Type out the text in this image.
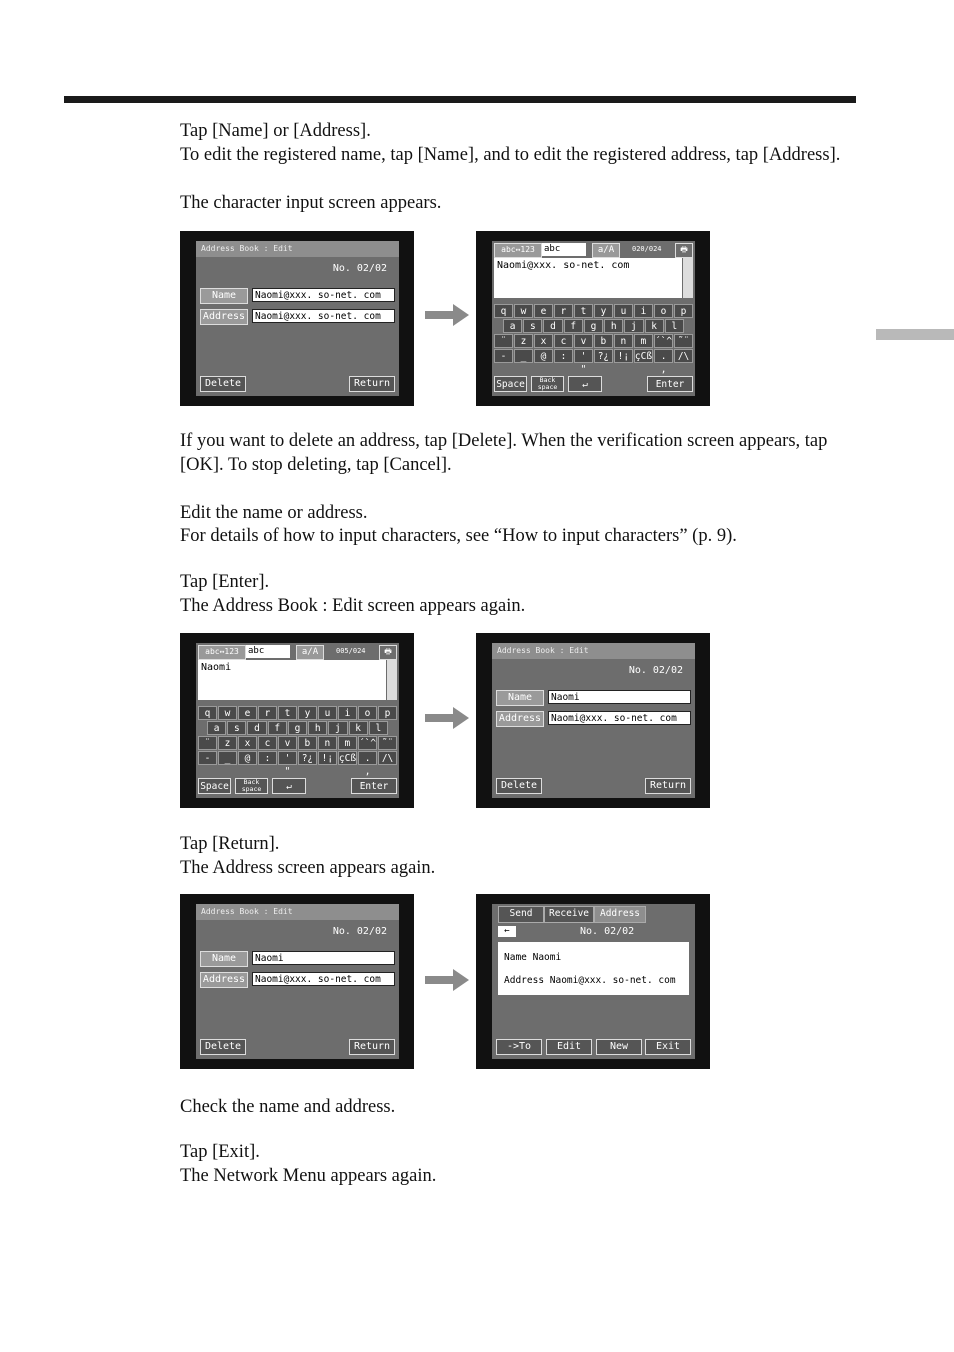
Tap [Name] or [Address].
To edit the registered name, tap [Name], and to edit the registered address, tap [Address].
The character input screen appears.
Address Book : Edit
No. 02/02
Name	Naomi@xxx. so-net. com
Address	Naomi@xxx. so-net. com
Delete	Return
abc↔123	abc	a/A	020/024	🖶
Naomi@xxx. so-net. com
q	w	e	r	t	y	u	i	o	p
a	s	d	f	g	h	j	k	l
¨	z	x	c	v	b	n	m ´`^ ˜¨
-	_	@	:	' "
?¿ !¡ çCß . ,
/\
Space	Back space	↵	Enter
If you want to delete an address, tap [Delete]. When the verification screen appears, tap [OK]. To stop deleting, tap [Cancel].
Edit the name or address.
For details of how to input characters, see “How to input characters” (p. 9).
Tap [Enter].
The Address Book : Edit screen appears again.
abc↔123	abc	a/A	005/024	🖶
Naomi
q	w	e	r	t	y	u	i	o	p
a	s	d	f	g	h	j	k	l
¨	z	x	c	v	b	n	m ´`^ ˜¨
-	_	@	:	' "
?¿ !¡ çCß . ,
/\
Space	Back space	↵	Enter
Address Book : Edit
No. 02/02
Name	Naomi
Address	Naomi@xxx. so-net. com
Delete	Return
Tap [Return].
The Address screen appears again.
Address Book : Edit
No. 02/02
Name	Naomi
Address	Naomi@xxx. so-net. com
Delete	Return
Send	Receive	Address
←	No. 02/02
Name Naomi
Address Naomi@xxx. so-net. com
->To	Edit	New	Exit
Check the name and address.
Tap [Exit].
The Network Menu appears again.
